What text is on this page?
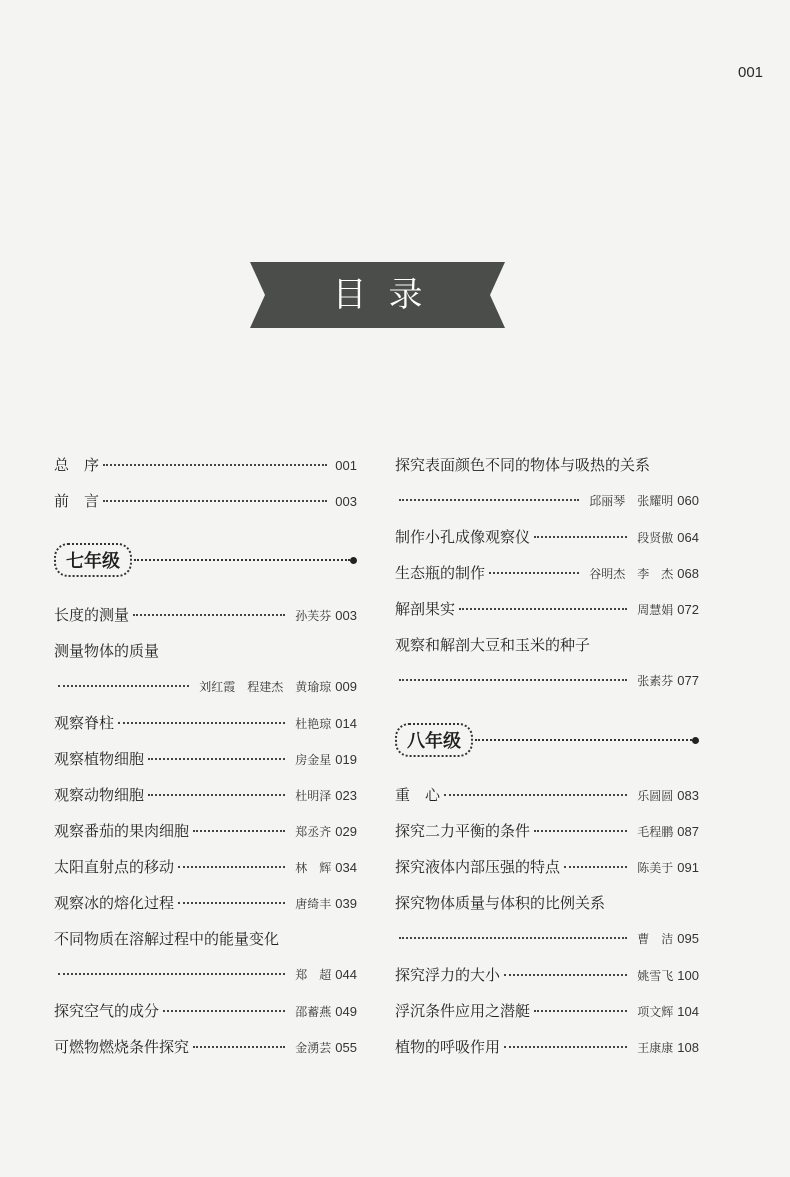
001
目录
总　序	001
前　言	003
七年级
长度的测量	孙芙芬 003
测量物体的质量
刘红霞　程建杰　黄瑜琼 009
观察脊柱	杜艳琼 014
观察植物细胞	房金星 019
观察动物细胞	杜明泽 023
观察番茄的果肉细胞	郑丞齐 029
太阳直射点的移动	林　辉 034
观察冰的熔化过程	唐绮丰 039
不同物质在溶解过程中的能量变化
郑　超 044
探究空气的成分	邵蓄燕 049
可燃物燃烧条件探究	金湧芸 055
探究表面颜色不同的物体与吸热的关系
邱丽琴　张耀明 060
制作小孔成像观察仪	段贤傲 064
生态瓶的制作	谷明杰　李　杰 068
解剖果实	周慧娟 072
观察和解剖大豆和玉米的种子
张素芬 077
八年级
重　心	乐圆圆 083
探究二力平衡的条件	毛程鹏 087
探究液体内部压强的特点	陈美于 091
探究物体质量与体积的比例关系
曹　洁 095
探究浮力的大小	姚雪飞 100
浮沉条件应用之潜艇	项文辉 104
植物的呼吸作用	王康康 108
